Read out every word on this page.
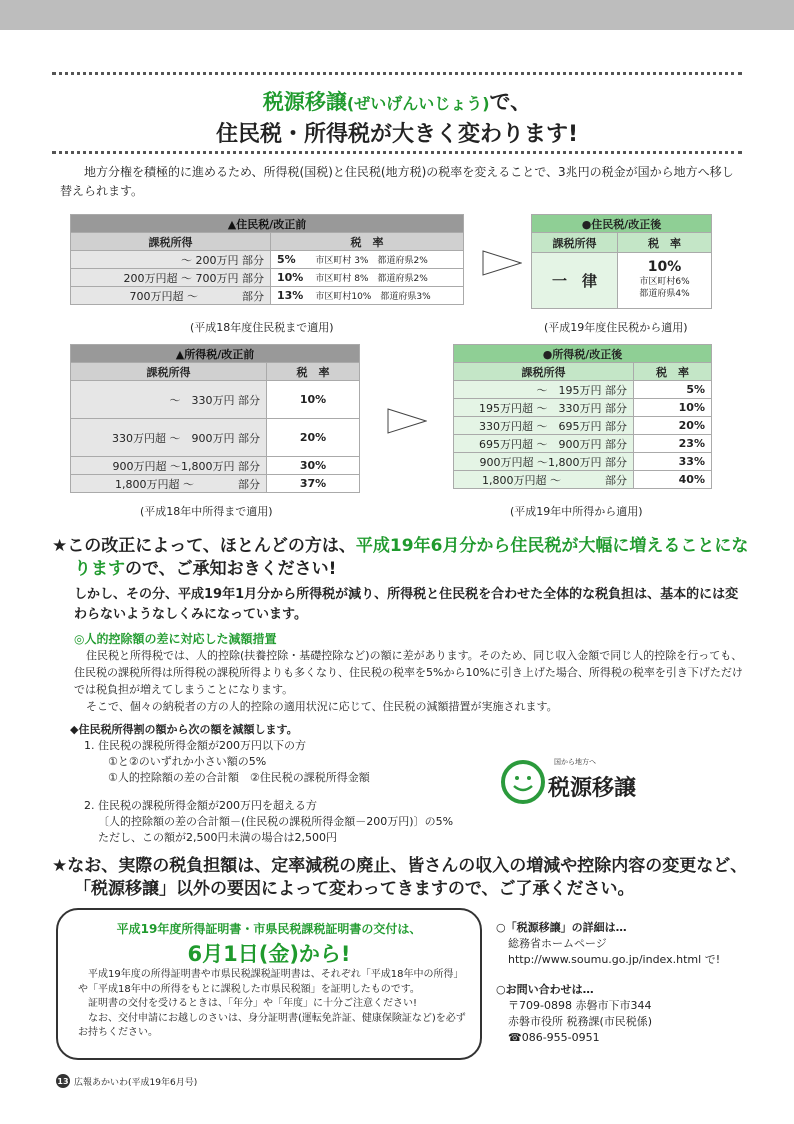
税源移譲(ぜいげんいじょう)で、
住民税・所得税が大きく変わります!

地方分権を積極的に進めるため、所得税(国税)と住民税(地方税)の税率を変えることで、3兆円の税金が国から地方へ移し替えられます。

▲住民税/改正前		
課税所得	税　率	
～ 200万円 部分	5%	市区町村 3%　都道府県2%
200万円超 ～ 700万円 部分	10%	市区町村 8%　都道府県2%
700万円超 ～　　　　部分	13%	市区町村10%　都道府県3%
(平成18年度住民税まで適用)
●住民税/改正後	
課税所得	税　率
一　律	10%
市区町村6%
都道府県4%
(平成19年度住民税から適用)
▲所得税/改正前	
課税所得	税　率
～　330万円 部分	10%
330万円超 ～　900万円 部分	20%
900万円超 ～1,800万円 部分	30%
1,800万円超 ～　　　　部分	37%
(平成18年中所得まで適用)
●所得税/改正後	
課税所得	税　率
～　195万円 部分	5%
195万円超 ～　330万円 部分	10%
330万円超 ～　695万円 部分	20%
695万円超 ～　900万円 部分	23%
900万円超 ～1,800万円 部分	33%
1,800万円超 ～　　　　部分	40%
(平成19年中所得から適用)
★この改正によって、ほとんどの方は、平成19年6月分から住民税が大幅に増えることになりますので、ご承知おきください!

しかし、その分、平成19年1月分から所得税が減り、所得税と住民税を合わせた全体的な税負担は、基本的には変わらないようなしくみになっています。

◎人的控除額の差に対応した減額措置

住民税と所得税では、人的控除(扶養控除・基礎控除など)の額に差があります。そのため、同じ収入金額で同じ人的控除を行っても、住民税の課税所得は所得税の課税所得よりも多くなり、住民税の税率を5%から10%に引き上げた場合、所得税の税率を引き下げただけでは税負担が増えてしまうことになります。

そこで、個々の納税者の方の人的控除の適用状況に応じて、住民税の減額措置が実施されます。

◆住民税所得割の額から次の額を減額します。
1. 住民税の課税所得金額が200万円以下の方
①と②のいずれか小さい額の5%
①人的控除額の差の合計額　②住民税の課税所得金額
2. 住民税の課税所得金額が200万円を超える方
〔人的控除額の差の合計額－(住民税の課税所得金額－200万円)〕の5%
ただし、この額が2,500円未満の場合は2,500円
国から地方へ
税源移譲
★なお、実際の税負担額は、定率減税の廃止、皆さんの収入の増減や控除内容の変更など、「税源移譲」以外の要因によって変わってきますので、ご了承ください。
平成19年度所得証明書・市県民税課税証明書の交付は、
6月1日(金)から!

平成19年度の所得証明書や市県民税課税証明書は、それぞれ「平成18年中の所得」や「平成18年中の所得をもとに課税した市県民税額」を証明したものです。

証明書の交付を受けるときは、「年分」や「年度」に十分ご注意ください!

なお、交付申請にお越しのさいは、身分証明書(運転免許証、健康保険証など)を必ずお持ちください。

○「税源移譲」の詳細は…
総務省ホームページ
http://www.soumu.go.jp/index.html で!
○お問い合わせは…
〒709-0898 赤磐市下市344
赤磐市役所 税務課(市民税係)
☎086-955-0951
13 広報あかいわ(平成19年6月号)
